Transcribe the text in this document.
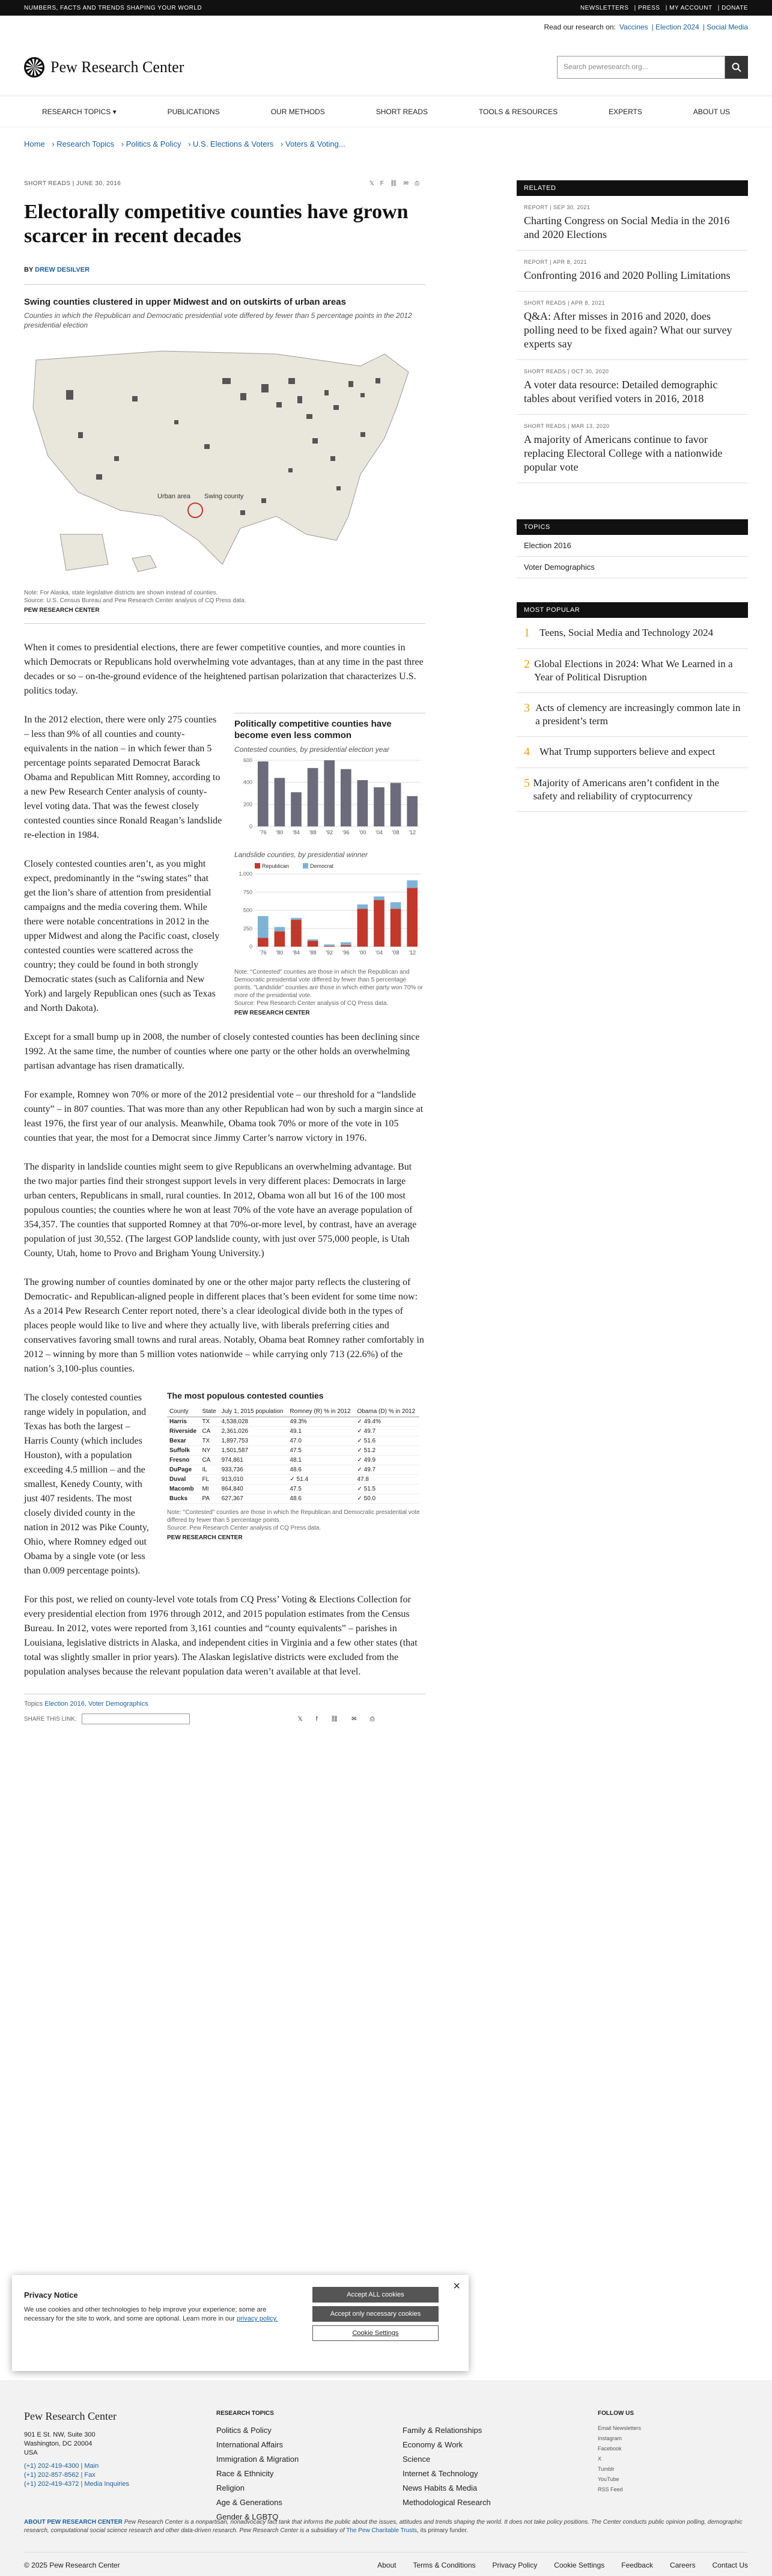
NUMBERS, FACTS AND TRENDS SHAPING YOUR WORLD	NEWSLETTERS | PRESS | MY ACCOUNT | DONATE
Read our research on: Vaccines | Election 2024 | Social Media
Pew Research Center	Search pewresearch.org...
RESEARCH TOPICS ▾	PUBLICATIONS	OUR METHODS	SHORT READS	TOOLS & RESOURCES	EXPERTS	ABOUT US
Home › Research Topics › Politics & Policy › U.S. Elections & Voters › Voters & Voting...
SHORT READS | JUNE 30, 2016	𝕏F⛓✉⎙
Electorally competitive counties have grown scarcer in recent decades
BY DREW DESILVER
Swing counties clustered in upper Midwest and on outskirts of urban areas
Counties in which the Republican and Democratic presidential vote differed by fewer than 5 percentage points in the 2012 presidential election
Urban area Swing county
Note: For Alaska, state legislative districts are shown instead of counties.
Source: U.S. Census Bureau and Pew Research Center analysis of CQ Press data.
PEW RESEARCH CENTER

When it comes to presidential elections, there are fewer competitive counties, and more counties in which Democrats or Republicans hold overwhelming vote advantages, than at any time in the past three decades or so – on-the-ground evidence of the heightened partisan polarization that characterizes U.S. politics today.

Politically competitive counties have become even less common
Contested counties, by presidential election year
0
200
400
600
'76 '80 '84 '88 '92 '96 '00 '04 '08 '12
Landslide counties, by presidential winner
Republican	Democrat
0
250
500
750
1,000
'76 '80 '84 '88 '92 '96 '00 '04 '08 '12
Note: "Contested" counties are those in which the Republican and Democratic presidential vote differed by fewer than 5 percentage points. "Landslide" counties are those in which either party won 70% or more of the presidential vote.
Source: Pew Research Center analysis of CQ Press data.
PEW RESEARCH CENTER

In the 2012 election, there were only 275 counties – less than 9% of all counties and county-equivalents in the nation – in which fewer than 5 percentage points separated Democrat Barack Obama and Republican Mitt Romney, according to a new Pew Research Center analysis of county-level voting data. That was the fewest closely contested counties since Ronald Reagan’s landslide re-election in 1984.

Closely contested counties aren’t, as you might expect, predominantly in the “swing states” that get the lion’s share of attention from presidential campaigns and the media covering them. While there were notable concentrations in 2012 in the upper Midwest and along the Pacific coast, closely contested counties were scattered across the country; they could be found in both strongly Democratic states (such as California and New York) and largely Republican ones (such as Texas and North Dakota).

Except for a small bump up in 2008, the number of closely contested counties has been declining since 1992. At the same time, the number of counties where one party or the other holds an overwhelming partisan advantage has risen dramatically.

For example, Romney won 70% or more of the 2012 presidential vote – our threshold for a “landslide county” – in 807 counties. That was more than any other Republican had won by such a margin since at least 1976, the first year of our analysis. Meanwhile, Obama took 70% or more of the vote in 105 counties that year, the most for a Democrat since Jimmy Carter’s narrow victory in 1976.

The disparity in landslide counties might seem to give Republicans an overwhelming advantage. But the two major parties find their strongest support levels in very different places: Democrats in large urban centers, Republicans in small, rural counties. In 2012, Obama won all but 16 of the 100 most populous counties; the counties where he won at least 70% of the vote have an average population of 354,357. The counties that supported Romney at that 70%-or-more level, by contrast, have an average population of just 30,552. (The largest GOP landslide county, with just over 575,000 people, is Utah County, Utah, home to Provo and Brigham Young University.)

The growing number of counties dominated by one or the other major party reflects the clustering of Democratic- and Republican-aligned people in different places that’s been evident for some time now: As a 2014 Pew Research Center report noted, there’s a clear ideological divide both in the types of places people would like to live and where they actually live, with liberals preferring cities and conservatives favoring small towns and rural areas. Notably, Obama beat Romney rather comfortably in 2012 – winning by more than 5 million votes nationwide – while carrying only 713 (22.6%) of the nation’s 3,100-plus counties.

The most populous contested counties
County	State	July 1, 2015 population	Romney (R) % in 2012	Obama (D) % in 2012
Harris	TX	4,538,028	49.3%	✓ 49.4%
Riverside	CA	2,361,026	49.1	✓ 49.7
Bexar	TX	1,897,753	47.0	✓ 51.6
Suffolk	NY	1,501,587	47.5	✓ 51.2
Fresno	CA	974,861	48.1	✓ 49.9
DuPage	IL	933,736	48.6	✓ 49.7
Duval	FL	913,010	✓ 51.4	47.8
Macomb	MI	864,840	47.5	✓ 51.5
Bucks	PA	627,367	48.6	✓ 50.0
Note: "Contested" counties are those in which the Republican and Democratic presidential vote differed by fewer than 5 percentage points.
Source: Pew Research Center analysis of CQ Press data.
PEW RESEARCH CENTER

The closely contested counties range widely in population, and Texas has both the largest – Harris County (which includes Houston), with a population exceeding 4.5 million – and the smallest, Kenedy County, with just 407 residents. The most closely divided county in the nation in 2012 was Pike County, Ohio, where Romney edged out Obama by a single vote (or less than 0.009 percentage points).

For this post, we relied on county-level vote totals from CQ Press’ Voting & Elections Collection for every presidential election from 1976 through 2012, and 2015 population estimates from the Census Bureau. In 2012, votes were reported from 3,161 counties and “county equivalents” – parishes in Louisiana, legislative districts in Alaska, and independent cities in Virginia and a few other states (that total was slightly smaller in prior years). The Alaskan legislative districts were excluded from the population analyses because the relevant population data weren’t available at that level.

Topics Election 2016, Voter Demographics
SHARE THIS LINK:	𝕏f⛓✉⎙
RELATED
REPORT | SEP 30, 2021
Charting Congress on Social Media in the 2016 and 2020 Elections
REPORT | APR 8, 2021
Confronting 2016 and 2020 Polling Limitations
SHORT READS | APR 8, 2021
Q&A: After misses in 2016 and 2020, does polling need to be fixed again? What our survey experts say
SHORT READS | OCT 30, 2020
A voter data resource: Detailed demographic tables about verified voters in 2016, 2018
SHORT READS | MAR 13, 2020
A majority of Americans continue to favor replacing Electoral College with a nationwide popular vote
TOPICS
Election 2016
Voter Demographics
MOST POPULAR
1 Teens, Social Media and Technology 2024
2 Global Elections in 2024: What We Learned in a Year of Political Disruption
3 Acts of clemency are increasingly common late in a president’s term
4 What Trump supporters believe and expect
5 Majority of Americans aren’t confident in the safety and reliability of cryptocurrency
×
Privacy Notice
We use cookies and other technologies to help improve your experience; some are necessary for the site to work, and some are optional. Learn more in our privacy policy.
Accept ALL cookies
Accept only necessary cookies
Cookie Settings
Pew Research Center
901 E St. NW, Suite 300
Washington, DC 20004
USA
(+1) 202-419-4300 | Main
(+1) 202-857-8562 | Fax
(+1) 202-419-4372 | Media Inquiries
RESEARCH TOPICS
Politics & Policy
International Affairs
Immigration & Migration
Race & Ethnicity
Religion
Age & Generations
Gender & LGBTQ
Family & Relationships
Economy & Work
Science
Internet & Technology
News Habits & Media
Methodological Research
FOLLOW US
Email Newsletters
Instagram
Facebook
X
Tumblr
YouTube
RSS Feed
ABOUT PEW RESEARCH CENTER Pew Research Center is a nonpartisan, nonadvocacy fact tank that informs the public about the issues, attitudes and trends shaping the world. It does not take policy positions. The Center conducts public opinion polling, demographic research, computational social science research and other data-driven research. Pew Research Center is a subsidiary of The Pew Charitable Trusts, its primary funder.
© 2025 Pew Research Center	About Terms & Conditions Privacy Policy Cookie Settings Feedback Careers Contact Us
